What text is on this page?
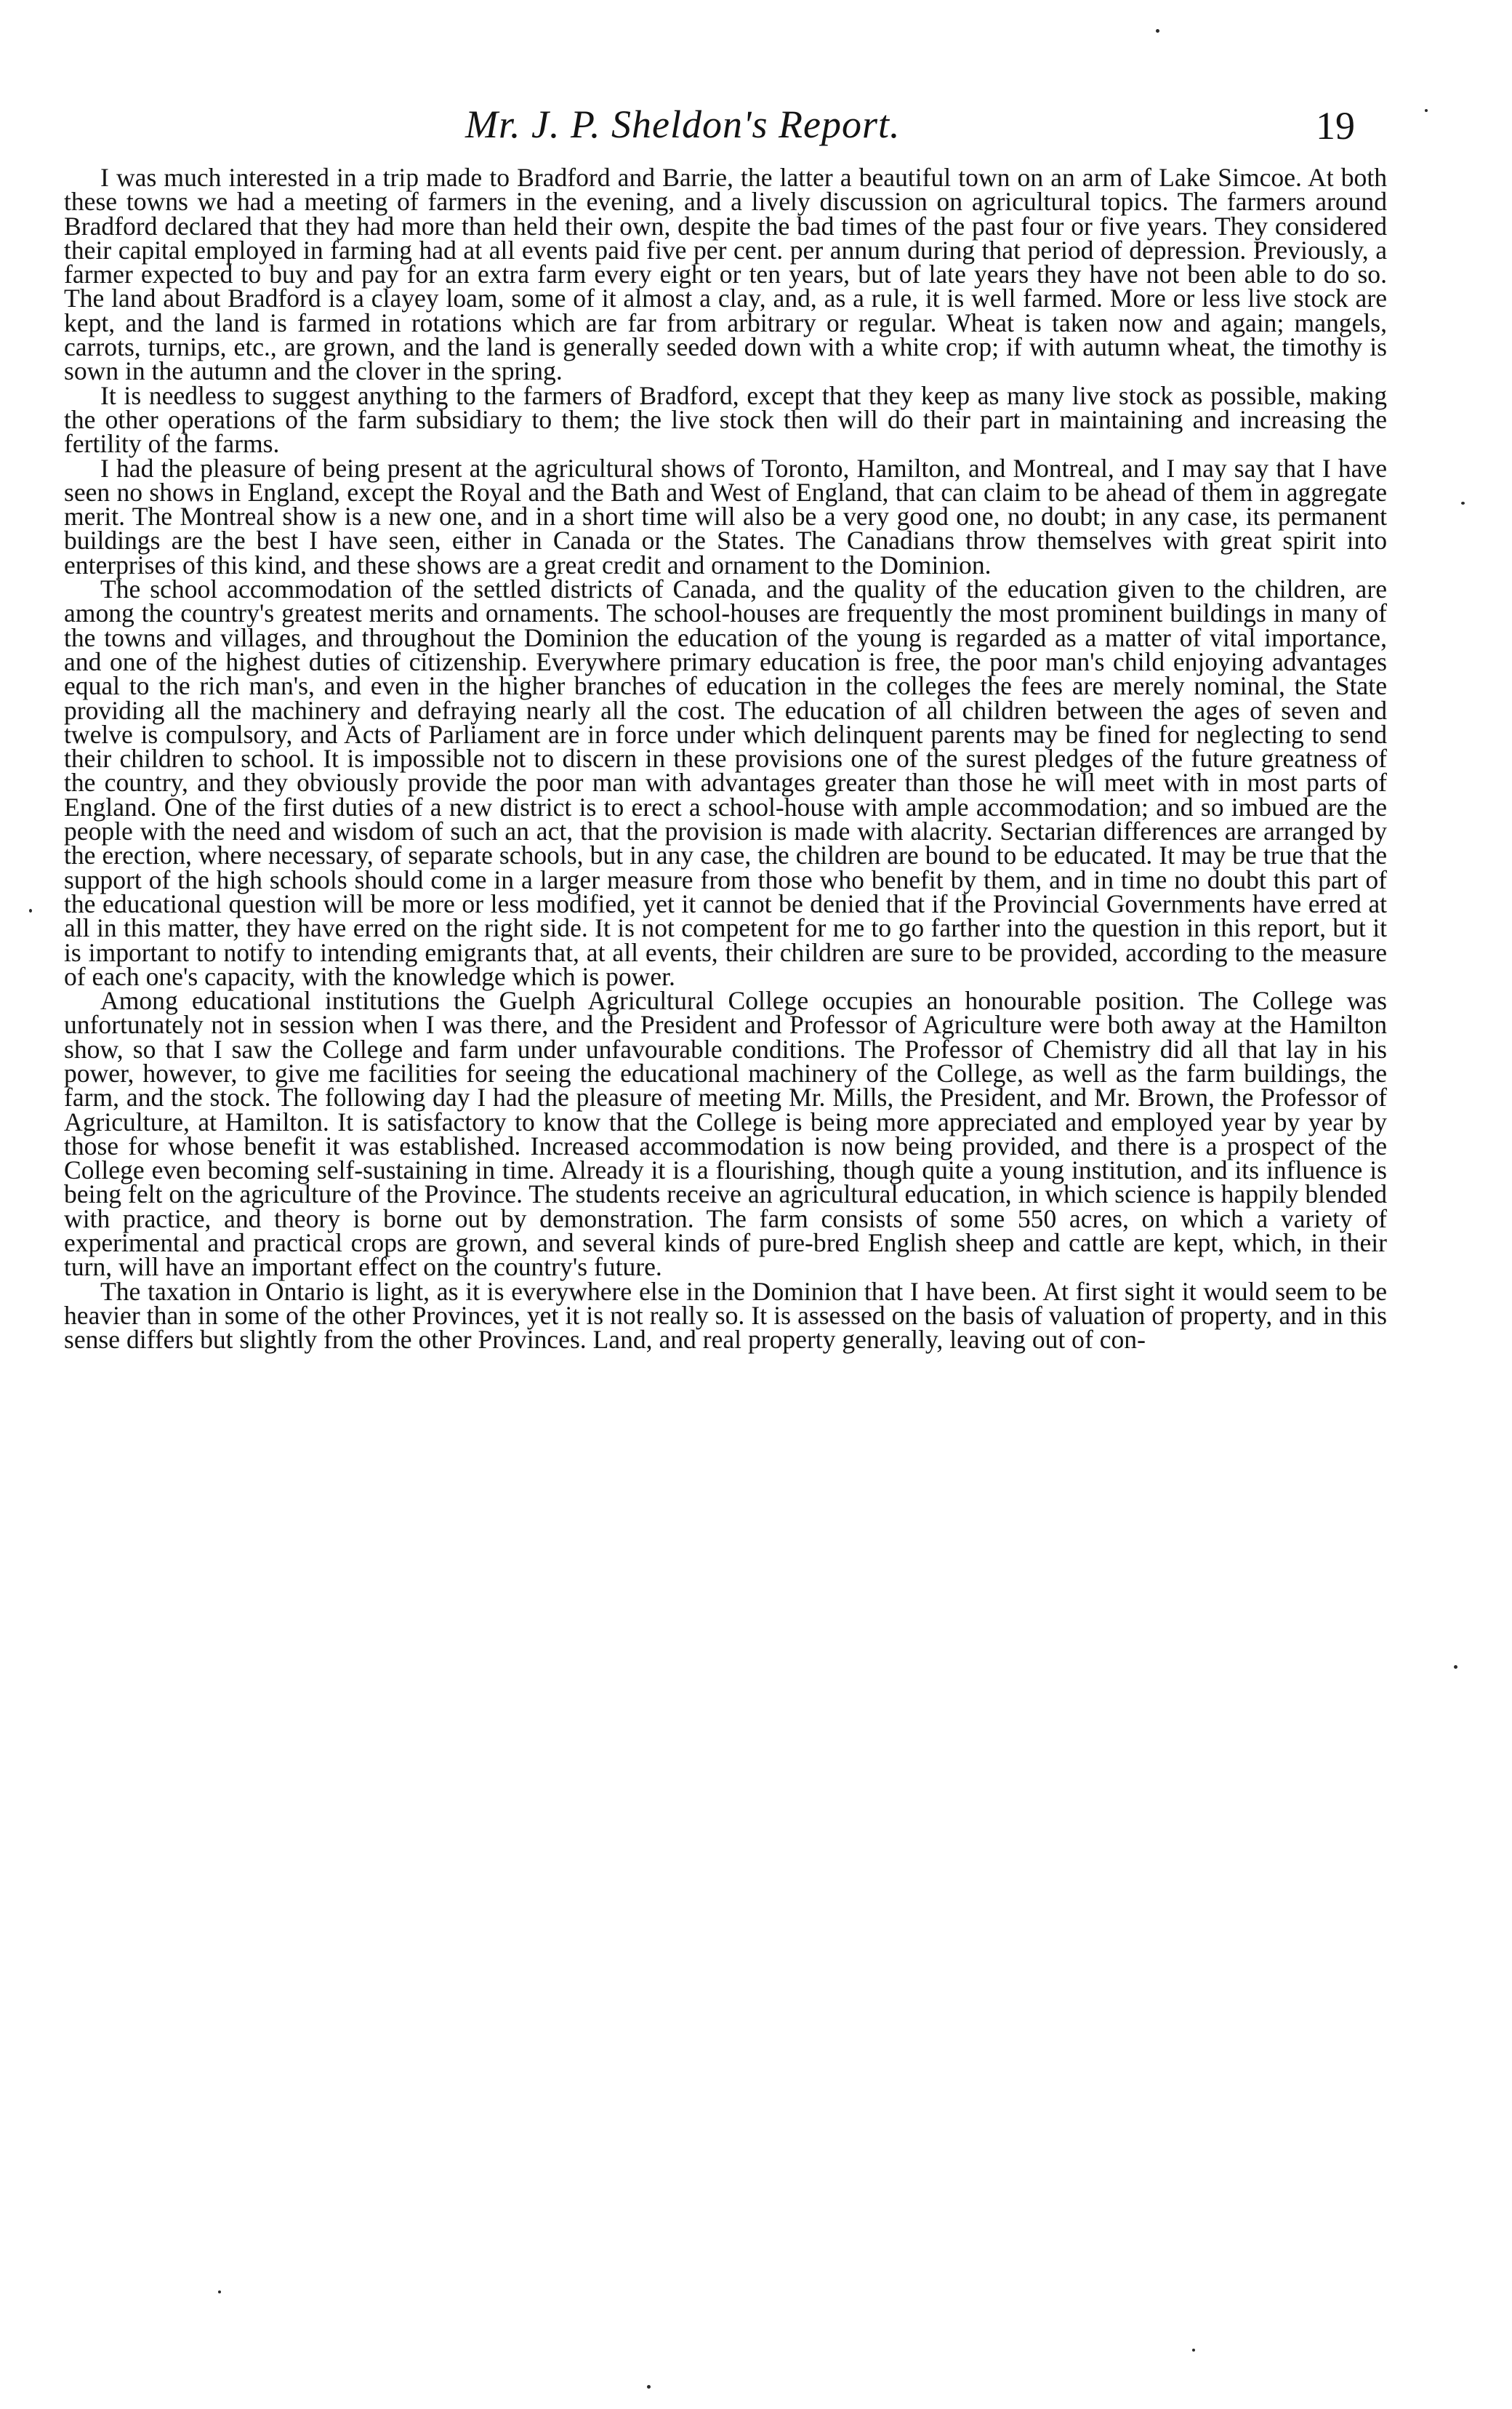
Mr. J. P. Sheldon's Report.	19

I was much interested in a trip made to Bradford and Barrie, the latter a beautiful town on an arm of Lake Simcoe. At both these towns we had a meeting of farmers in the evening, and a lively discussion on agricultural topics. The farmers around Bradford declared that they had more than held their own, despite the bad times of the past four or five years. They considered their capital employed in farming had at all events paid five per cent. per annum during that period of depression. Previously, a farmer expected to buy and pay for an extra farm every eight or ten years, but of late years they have not been able to do so. The land about Bradford is a clayey loam, some of it almost a clay, and, as a rule, it is well farmed. More or less live stock are kept, and the land is farmed in rotations which are far from arbitrary or regular. Wheat is taken now and again; mangels, carrots, turnips, etc., are grown, and the land is generally seeded down with a white crop; if with autumn wheat, the timothy is sown in the autumn and the clover in the spring.

It is needless to suggest anything to the farmers of Bradford, except that they keep as many live stock as possible, making the other operations of the farm subsidiary to them; the live stock then will do their part in maintaining and increasing the fertility of the farms.

I had the pleasure of being present at the agricultural shows of Toronto, Hamilton, and Montreal, and I may say that I have seen no shows in England, except the Royal and the Bath and West of England, that can claim to be ahead of them in aggregate merit. The Montreal show is a new one, and in a short time will also be a very good one, no doubt; in any case, its permanent buildings are the best I have seen, either in Canada or the States. The Canadians throw themselves with great spirit into enterprises of this kind, and these shows are a great credit and ornament to the Dominion.

The school accommodation of the settled districts of Canada, and the quality of the education given to the children, are among the country's greatest merits and ornaments. The school-houses are frequently the most prominent buildings in many of the towns and villages, and throughout the Dominion the education of the young is regarded as a matter of vital importance, and one of the highest duties of citizenship. Everywhere primary education is free, the poor man's child enjoying advantages equal to the rich man's, and even in the higher branches of education in the colleges the fees are merely nominal, the State providing all the machinery and defraying nearly all the cost. The education of all children between the ages of seven and twelve is compulsory, and Acts of Parliament are in force under which delinquent parents may be fined for neglecting to send their children to school. It is impossible not to discern in these provisions one of the surest pledges of the future greatness of the country, and they obviously provide the poor man with advantages greater than those he will meet with in most parts of England. One of the first duties of a new district is to erect a school-house with ample accommodation; and so imbued are the people with the need and wisdom of such an act, that the provision is made with alacrity. Sectarian differences are arranged by the erection, where necessary, of separate schools, but in any case, the children are bound to be educated. It may be true that the support of the high schools should come in a larger measure from those who benefit by them, and in time no doubt this part of the educational question will be more or less modified, yet it cannot be denied that if the Provincial Governments have erred at all in this matter, they have erred on the right side. It is not competent for me to go farther into the question in this report, but it is important to notify to intending emigrants that, at all events, their children are sure to be provided, according to the measure of each one's capacity, with the knowledge which is power.

Among educational institutions the Guelph Agricultural College occupies an honourable position. The College was unfortunately not in session when I was there, and the President and Professor of Agriculture were both away at the Hamilton show, so that I saw the College and farm under unfavourable conditions. The Professor of Chemistry did all that lay in his power, however, to give me facilities for seeing the educational machinery of the College, as well as the farm buildings, the farm, and the stock. The following day I had the pleasure of meeting Mr. Mills, the President, and Mr. Brown, the Professor of Agriculture, at Hamilton. It is satisfactory to know that the College is being more appreciated and employed year by year by those for whose benefit it was established. Increased accommodation is now being provided, and there is a prospect of the College even becoming self-sustaining in time. Already it is a flourishing, though quite a young institution, and its influence is being felt on the agriculture of the Province. The students receive an agricultural education, in which science is happily blended with practice, and theory is borne out by demonstration. The farm consists of some 550 acres, on which a variety of experimental and practical crops are grown, and several kinds of pure-bred English sheep and cattle are kept, which, in their turn, will have an important effect on the country's future.

The taxation in Ontario is light, as it is everywhere else in the Dominion that I have been. At first sight it would seem to be heavier than in some of the other Provinces, yet it is not really so. It is assessed on the basis of valuation of property, and in this sense differs but slightly from the other Provinces. Land, and real property generally, leaving out of con-
